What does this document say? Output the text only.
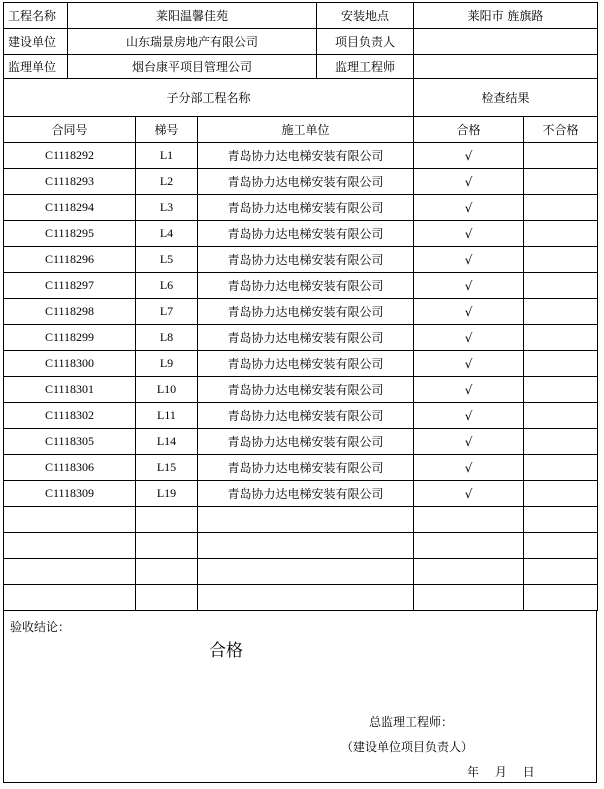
工程名称	莱阳温馨佳苑			安装地点	莱阳市 旌旗路	
建设单位	山东瑞景房地产有限公司			项目负责人		
监理单位	烟台康平项目管理公司			监理工程师		
子分部工程名称					检查结果	
合同号		梯号	施工单位		合格	不合格
C1118292		L1	青岛协力达电梯安装有限公司		√	
C1118293		L2	青岛协力达电梯安装有限公司		√	
C1118294		L3	青岛协力达电梯安装有限公司		√	
C1118295		L4	青岛协力达电梯安装有限公司		√	
C1118296		L5	青岛协力达电梯安装有限公司		√	
C1118297		L6	青岛协力达电梯安装有限公司		√	
C1118298		L7	青岛协力达电梯安装有限公司		√	
C1118299		L8	青岛协力达电梯安装有限公司		√	
C1118300		L9	青岛协力达电梯安装有限公司		√	
C1118301		L10	青岛协力达电梯安装有限公司		√	
C1118302		L11	青岛协力达电梯安装有限公司		√	
C1118305		L14	青岛协力达电梯安装有限公司		√	
C1118306		L15	青岛协力达电梯安装有限公司		√	
C1118309		L19	青岛协力达电梯安装有限公司		√	

验收结论：
合格
总监理工程师：
（建设单位项目负责人）
年 月 日
